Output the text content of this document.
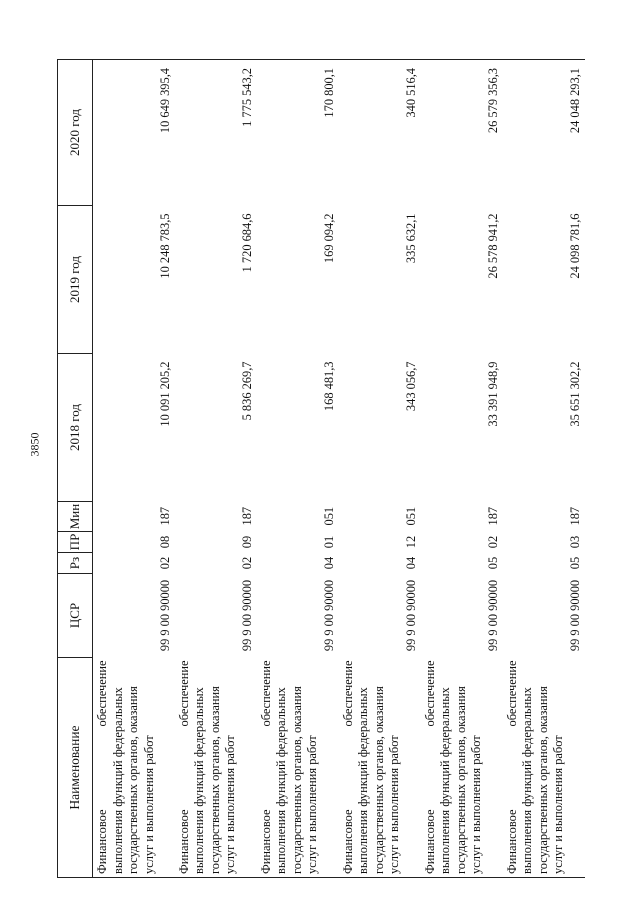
3850
Наименование	ЦСР	Рз	ПР	Мин	2018 год	2019 год	2020 год

Финансовое
обеспечение выполнения функций федеральных государственных органов, оказания услуг и выполнения работ	99 9 00 90000	02	08	187	10 091 205,2	10 248 783,5	10 649 395,4

Финансовое
обеспечение выполнения функций федеральных государственных органов, оказания услуг и выполнения работ	99 9 00 90000	02	09	187	5 836 269,7	1 720 684,6	1 775 543,2

Финансовое
обеспечение выполнения функций федеральных государственных органов, оказания услуг и выполнения работ	99 9 00 90000	04	01	051	168 481,3	169 094,2	170 800,1

Финансовое
обеспечение выполнения функций федеральных государственных органов, оказания услуг и выполнения работ	99 9 00 90000	04	12	051	343 056,7	335 632,1	340 516,4

Финансовое
обеспечение выполнения функций федеральных государственных органов, оказания услуг и выполнения работ	99 9 00 90000	05	02	187	33 391 948,9	26 578 941,2	26 579 356,3

Финансовое
обеспечение выполнения функций федеральных государственных органов, оказания услуг и выполнения работ	99 9 00 90000	05	03	187	35 651 302,2	24 098 781,6	24 048 293,1
